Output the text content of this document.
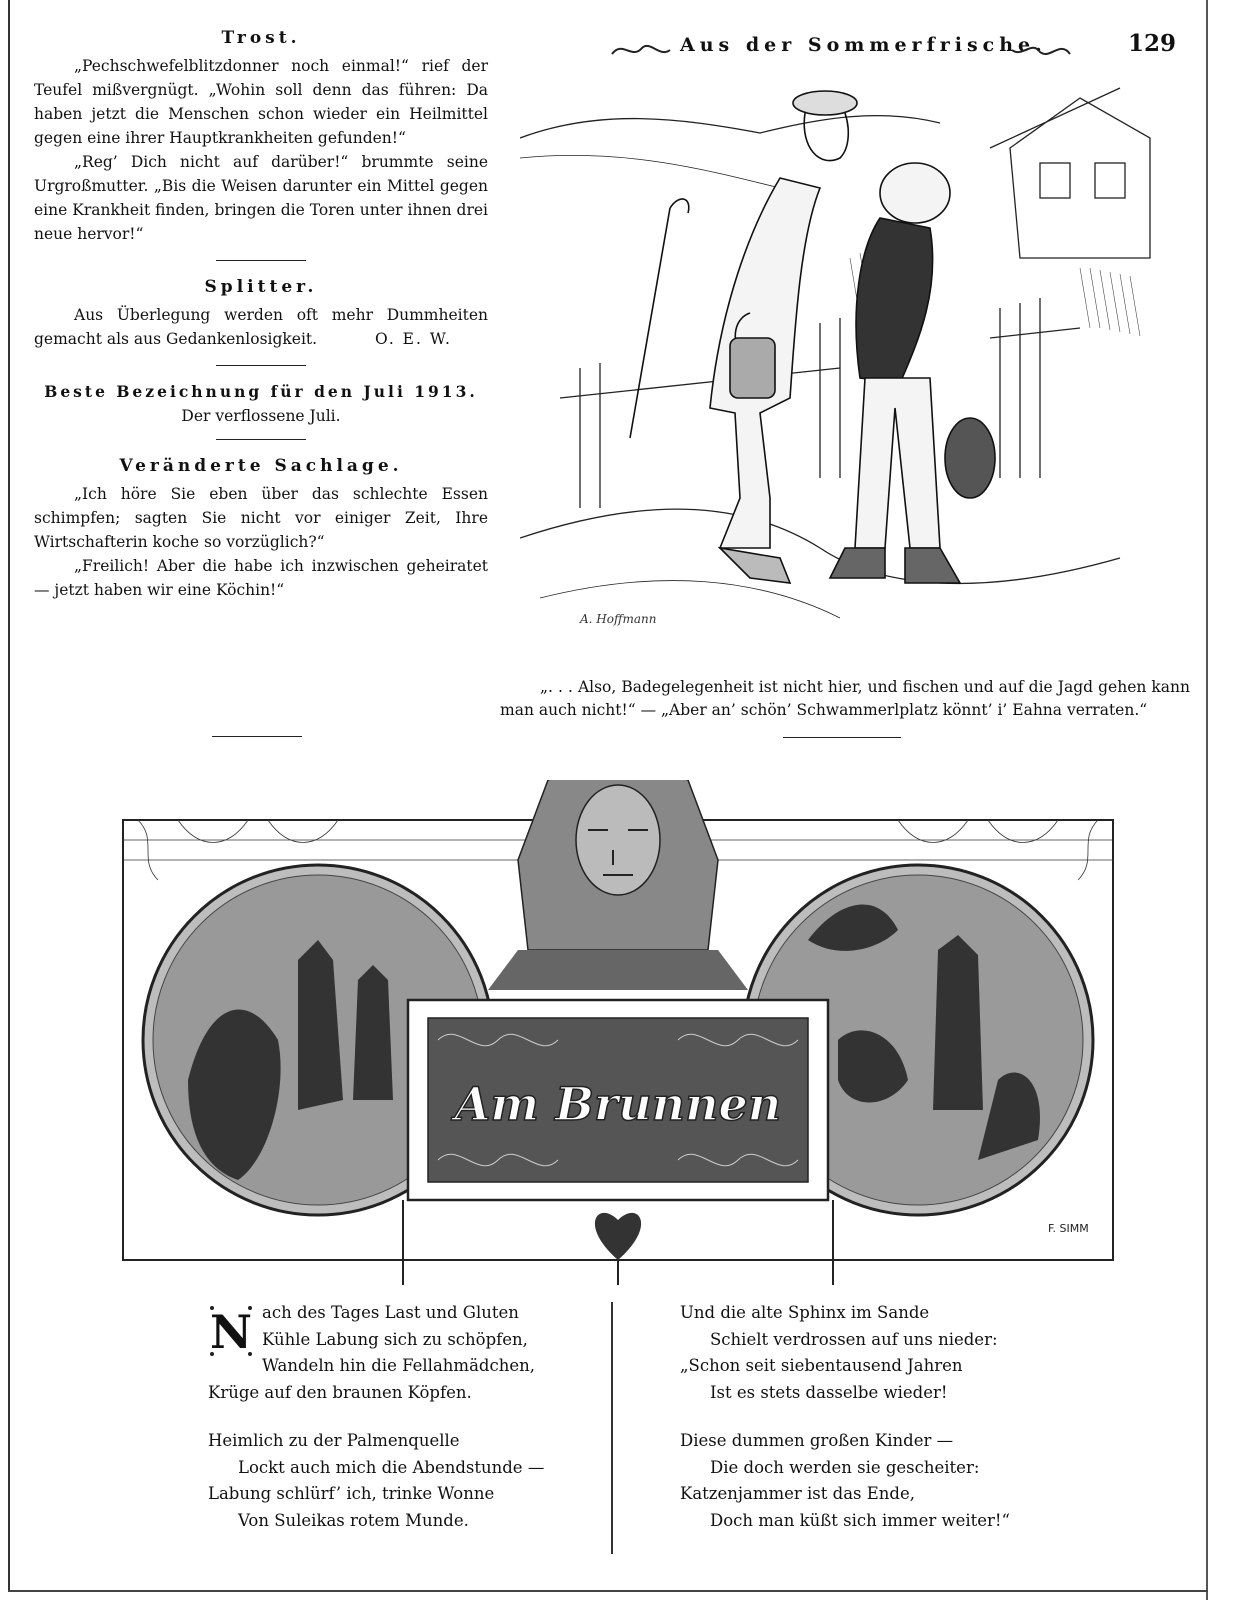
Trost.

„Pechschwefelblitzdonner noch einmal!“ rief der Teufel mißvergnügt. „Wohin soll denn das führen: Da haben jetzt die Menschen schon wieder ein Heilmittel gegen eine ihrer Hauptkrankheiten gefunden!“

„Reg’ Dich nicht auf darüber!“ brummte seine Urgroßmutter. „Bis die Weisen darunter ein Mittel gegen eine Krankheit finden, bringen die Toren unter ihnen drei neue hervor!“

Splitter.

Aus Überlegung werden oft mehr Dummheiten gemacht als aus Gedankenlosigkeit.	O. E. W.

Beste Bezeichnung für den Juli 1913.

Der verflossene Juli.

Veränderte Sachlage.

„Ich höre Sie eben über das schlechte Essen schimpfen; sagten Sie nicht vor einiger Zeit, Ihre Wirtschafterin koche so vorzüglich?“

„Freilich! Aber die habe ich inzwischen geheiratet — jetzt haben wir eine Köchin!“

Aus der Sommerfrische.	129
A. Hoffmann

„. . . Also, Badegelegenheit ist nicht hier, und fischen und auf die Jagd gehen kann man auch nicht!“ — „Aber an’ schön’ Schwammerlplatz könnt’ i’ Eahna verraten.“

Am Brunnen
F. SIMM
N ach des Tages Last und Gluten

Kühle Labung sich zu schöpfen,

Wandeln hin die Fellahmädchen,

Krüge auf den braunen Köpfen.

Heimlich zu der Palmenquelle

Lockt auch mich die Abendstunde —

Labung schlürf’ ich, trinke Wonne

Von Suleikas rotem Munde.

Und die alte Sphinx im Sande

Schielt verdrossen auf uns nieder:

„Schon seit siebentausend Jahren

Ist es stets dasselbe wieder!

Diese dummen großen Kinder —

Die doch werden sie gescheiter:

Katzenjammer ist das Ende,

Doch man küßt sich immer weiter!“
